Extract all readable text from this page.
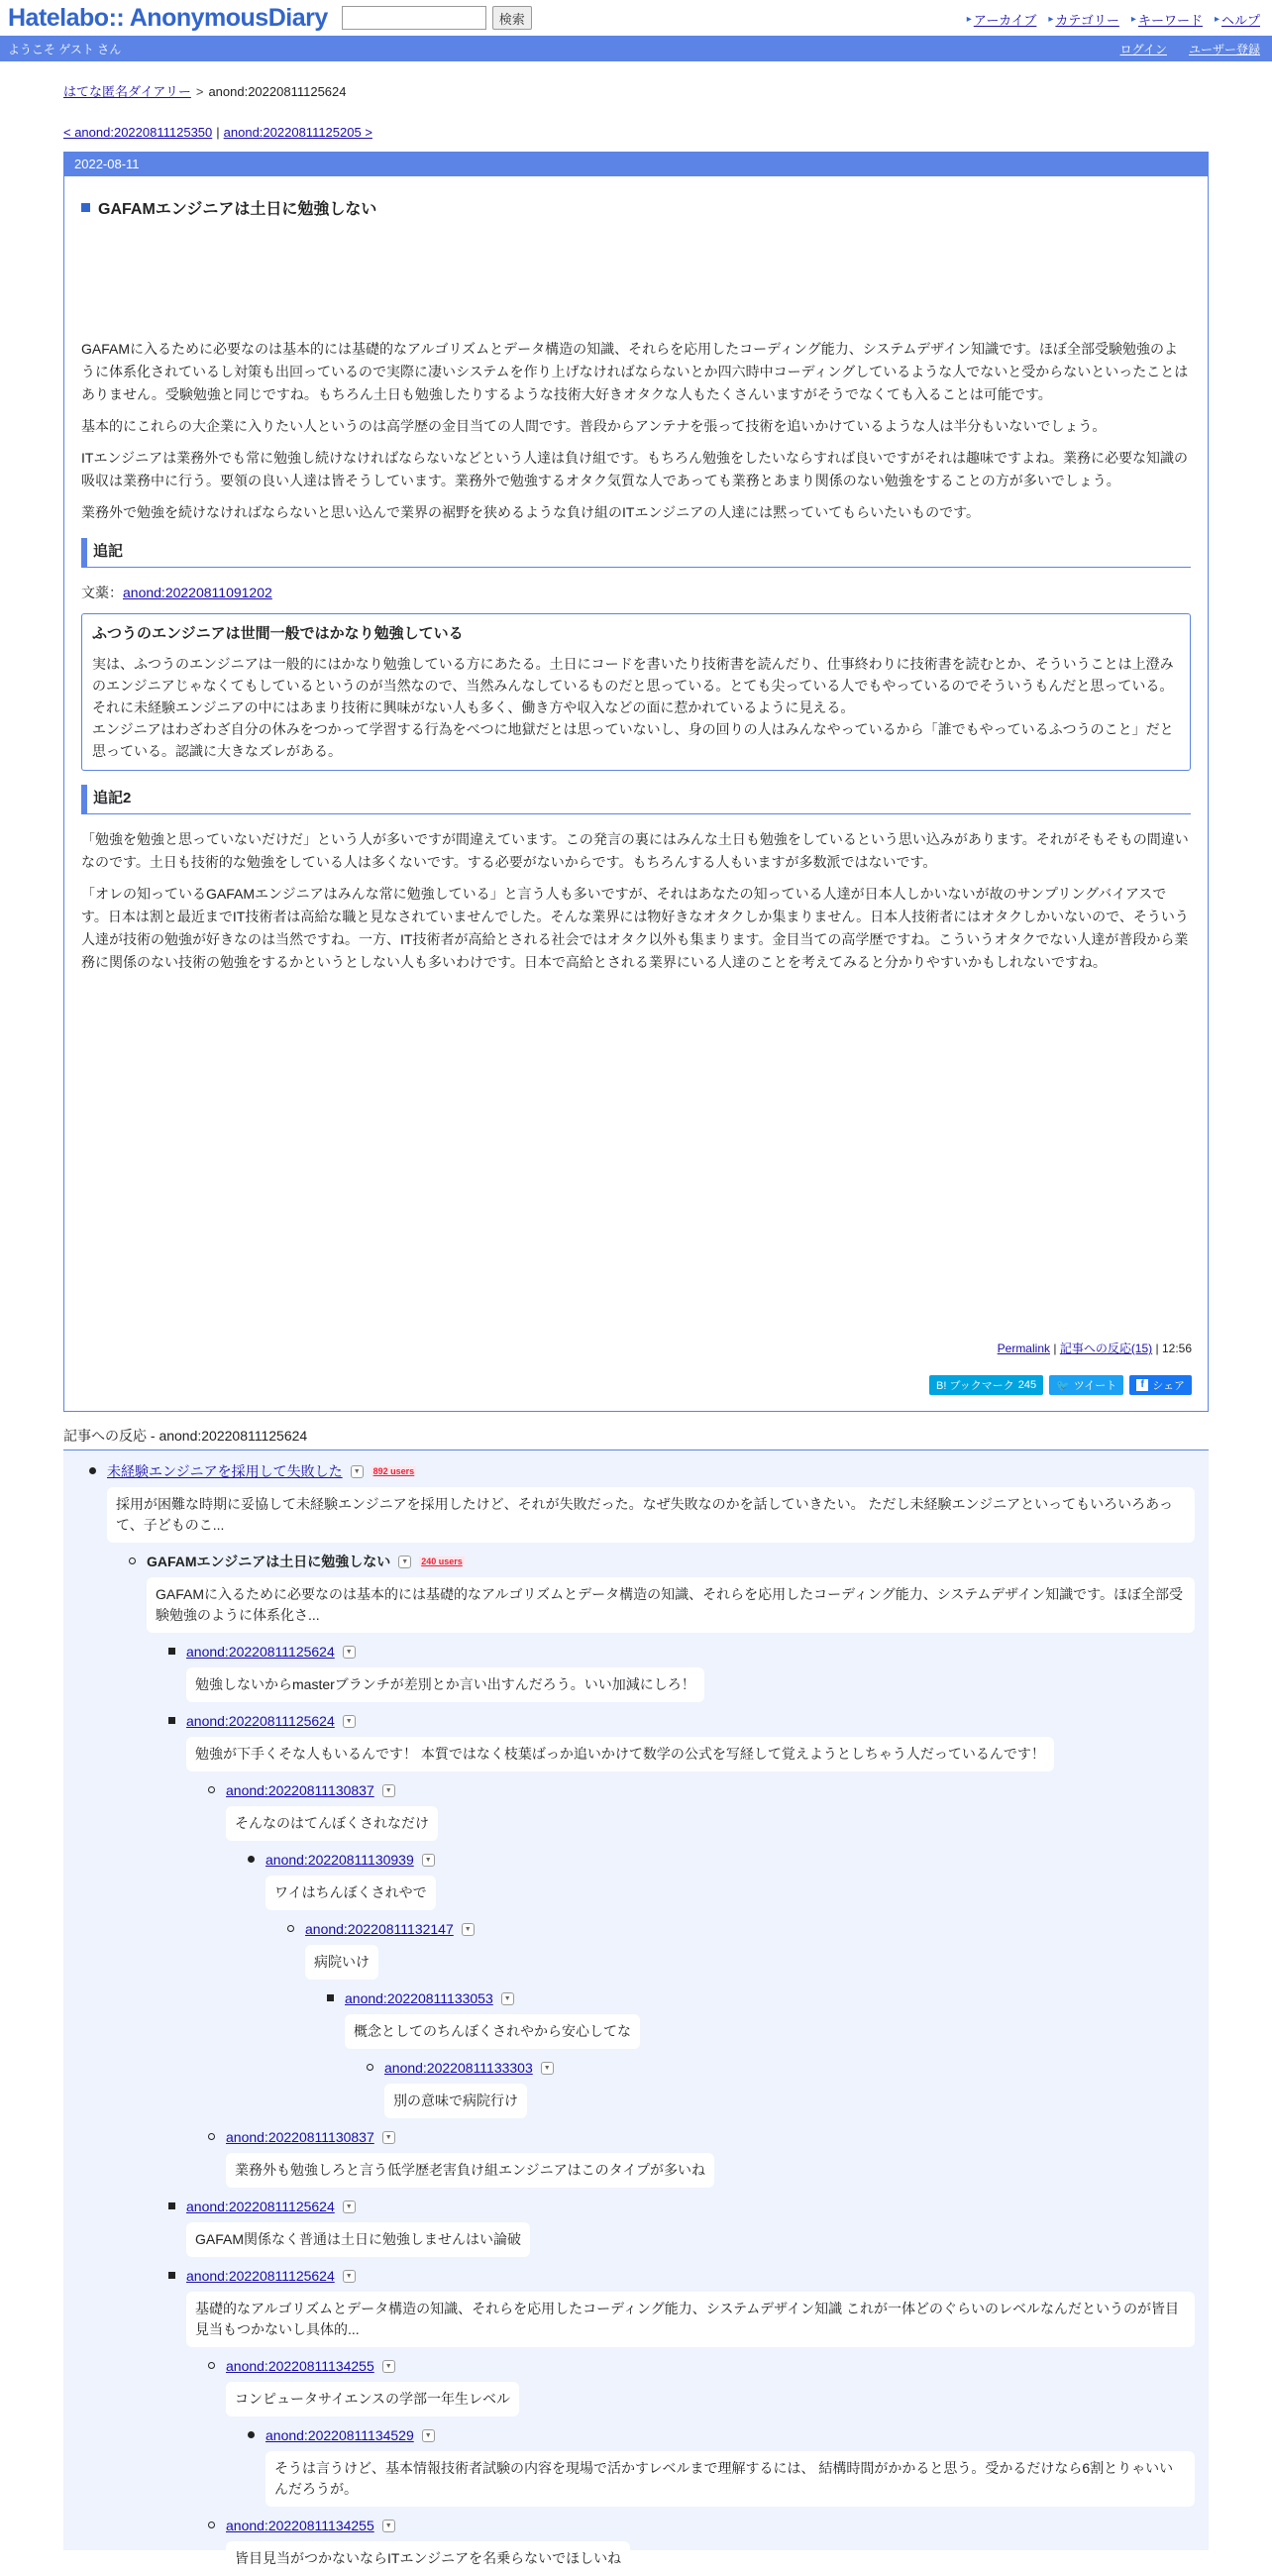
Hatelabo:: AnonymousDiary	検索	▸ アーカイブ ▸ カテゴリー ▸ キーワード ▸ ヘルプ
ようこそ ゲスト さん	ログイン ユーザー登録
はてな匿名ダイアリー > anond:20220811125624
< anond:20220811125350 | anond:20220811125205 >
2022-08-11
GAFAMエンジニアは土日に勉強しない

GAFAMに入るために必要なのは基本的には基礎的なアルゴリズムとデータ構造の知識、それらを応用したコーディング能力、システムデザイン知識です。ほぼ全部受験勉強のように体系化されているし対策も出回っているので実際に凄いシステムを作り上げなければならないとか四六時中コーディングしているような人でないと受からないといったことはありません。受験勉強と同じですね。もちろん土日も勉強したりするような技術大好きオタクな人もたくさんいますがそうでなくても入ることは可能です。

基本的にこれらの大企業に入りたい人というのは高学歴の金目当ての人間です。普段からアンテナを張って技術を追いかけているような人は半分もいないでしょう。

ITエンジニアは業務外でも常に勉強し続けなければならないなどという人達は負け組です。もちろん勉強をしたいならすれば良いですがそれは趣味ですよね。業務に必要な知識の吸収は業務中に行う。要領の良い人達は皆そうしています。業務外で勉強するオタク気質な人であっても業務とあまり関係のない勉強をすることの方が多いでしょう。

業務外で勉強を続けなければならないと思い込んで業界の裾野を狭めるような負け組のITエンジニアの人達には黙っていてもらいたいものです。

追記

文薬：anond:20220811091202

ふつうのエンジニアは世間一般ではかなり勉強している

実は、ふつうのエンジニアは一般的にはかなり勉強している方にあたる。土日にコードを書いたり技術書を読んだり、仕事終わりに技術書を読むとか、そういうことは上澄みのエンジニアじゃなくてもしているというのが当然なので、当然みんなしているものだと思っている。とても尖っている人でもやっているのでそういうもんだと思っている。それに未経験エンジニアの中にはあまり技術に興味がない人も多く、働き方や収入などの面に惹かれているように見える。

エンジニアはわざわざ自分の休みをつかって学習する行為をべつに地獄だとは思っていないし、身の回りの人はみんなやっているから「誰でもやっているふつうのこと」だと思っている。認識に大きなズレがある。

追記2

「勉強を勉強と思っていないだけだ」という人が多いですが間違えています。この発言の裏にはみんな土日も勉強をしているという思い込みがあります。それがそもそもの間違いなのです。土日も技術的な勉強をしている人は多くないです。する必要がないからです。もちろんする人もいますが多数派ではないです。

「オレの知っているGAFAMエンジニアはみんな常に勉強している」と言う人も多いですが、それはあなたの知っている人達が日本人しかいないが故のサンプリングバイアスです。日本は割と最近までIT技術者は高給な職と見なされていませんでした。そんな業界には物好きなオタクしか集まりません。日本人技術者にはオタクしかいないので、そういう人達が技術の勉強が好きなのは当然ですね。一方、IT技術者が高給とされる社会ではオタク以外も集まります。金目当ての高学歴ですね。こういうオタクでない人達が普段から業務に関係のない技術の勉強をするかというとしない人も多いわけです。日本で高給とされる業界にいる人達のことを考えてみると分かりやすいかもしれないですね。

Permalink | 記事への反応(15) | 12:56
B! ブックマーク 245 🐦 ツイート	f シェア
記事への反応 - anond:20220811125624
未経験エンジニアを採用して失敗した	▼	892 users
採用が困難な時期に妥協して未経験エンジニアを採用したけど、それが失敗だった。なぜ失敗なのかを話していきたい。 ただし未経験エンジニアといってもいろいろあって、子どものこ...
GAFAMエンジニアは土日に勉強しない	▼	240 users
GAFAMに入るために必要なのは基本的には基礎的なアルゴリズムとデータ構造の知識、それらを応用したコーディング能力、システムデザイン知識です。ほぼ全部受験勉強のように体系化さ...
anond:20220811125624	▼
勉強しないからmasterブランチが差別とか言い出すんだろう。いい加減にしろ！
anond:20220811125624	▼
勉強が下手くそな人もいるんです！ 本質ではなく枝葉ばっか追いかけて数学の公式を写経して覚えようとしちゃう人だっているんです！
anond:20220811130837	▼
そんなのはてんぼくされなだけ
anond:20220811130939	▼
ワイはちんぼくされやで
anond:20220811132147	▼
病院いけ
anond:20220811133053	▼
概念としてのちんぼくされやから安心してな
anond:20220811133303	▼
別の意味で病院行け
anond:20220811130837	▼
業務外も勉強しろと言う低学歴老害負け組エンジニアはこのタイプが多いね
anond:20220811125624	▼
GAFAM関係なく普通は土日に勉強しませんはい論破
anond:20220811125624	▼
基礎的なアルゴリズムとデータ構造の知識、それらを応用したコーディング能力、システムデザイン知識 これが一体どのぐらいのレベルなんだというのが皆目見当もつかないし具体的...
anond:20220811134255	▼
コンピュータサイエンスの学部一年生レベル
anond:20220811134529	▼
そうは言うけど、基本情報技術者試験の内容を現場で活かすレベルまで理解するには、 結構時間がかかると思う。受かるだけなら6割とりゃいいんだろうが。
anond:20220811134255	▼
皆目見当がつかないならITエンジニアを名乗らないでほしいね
